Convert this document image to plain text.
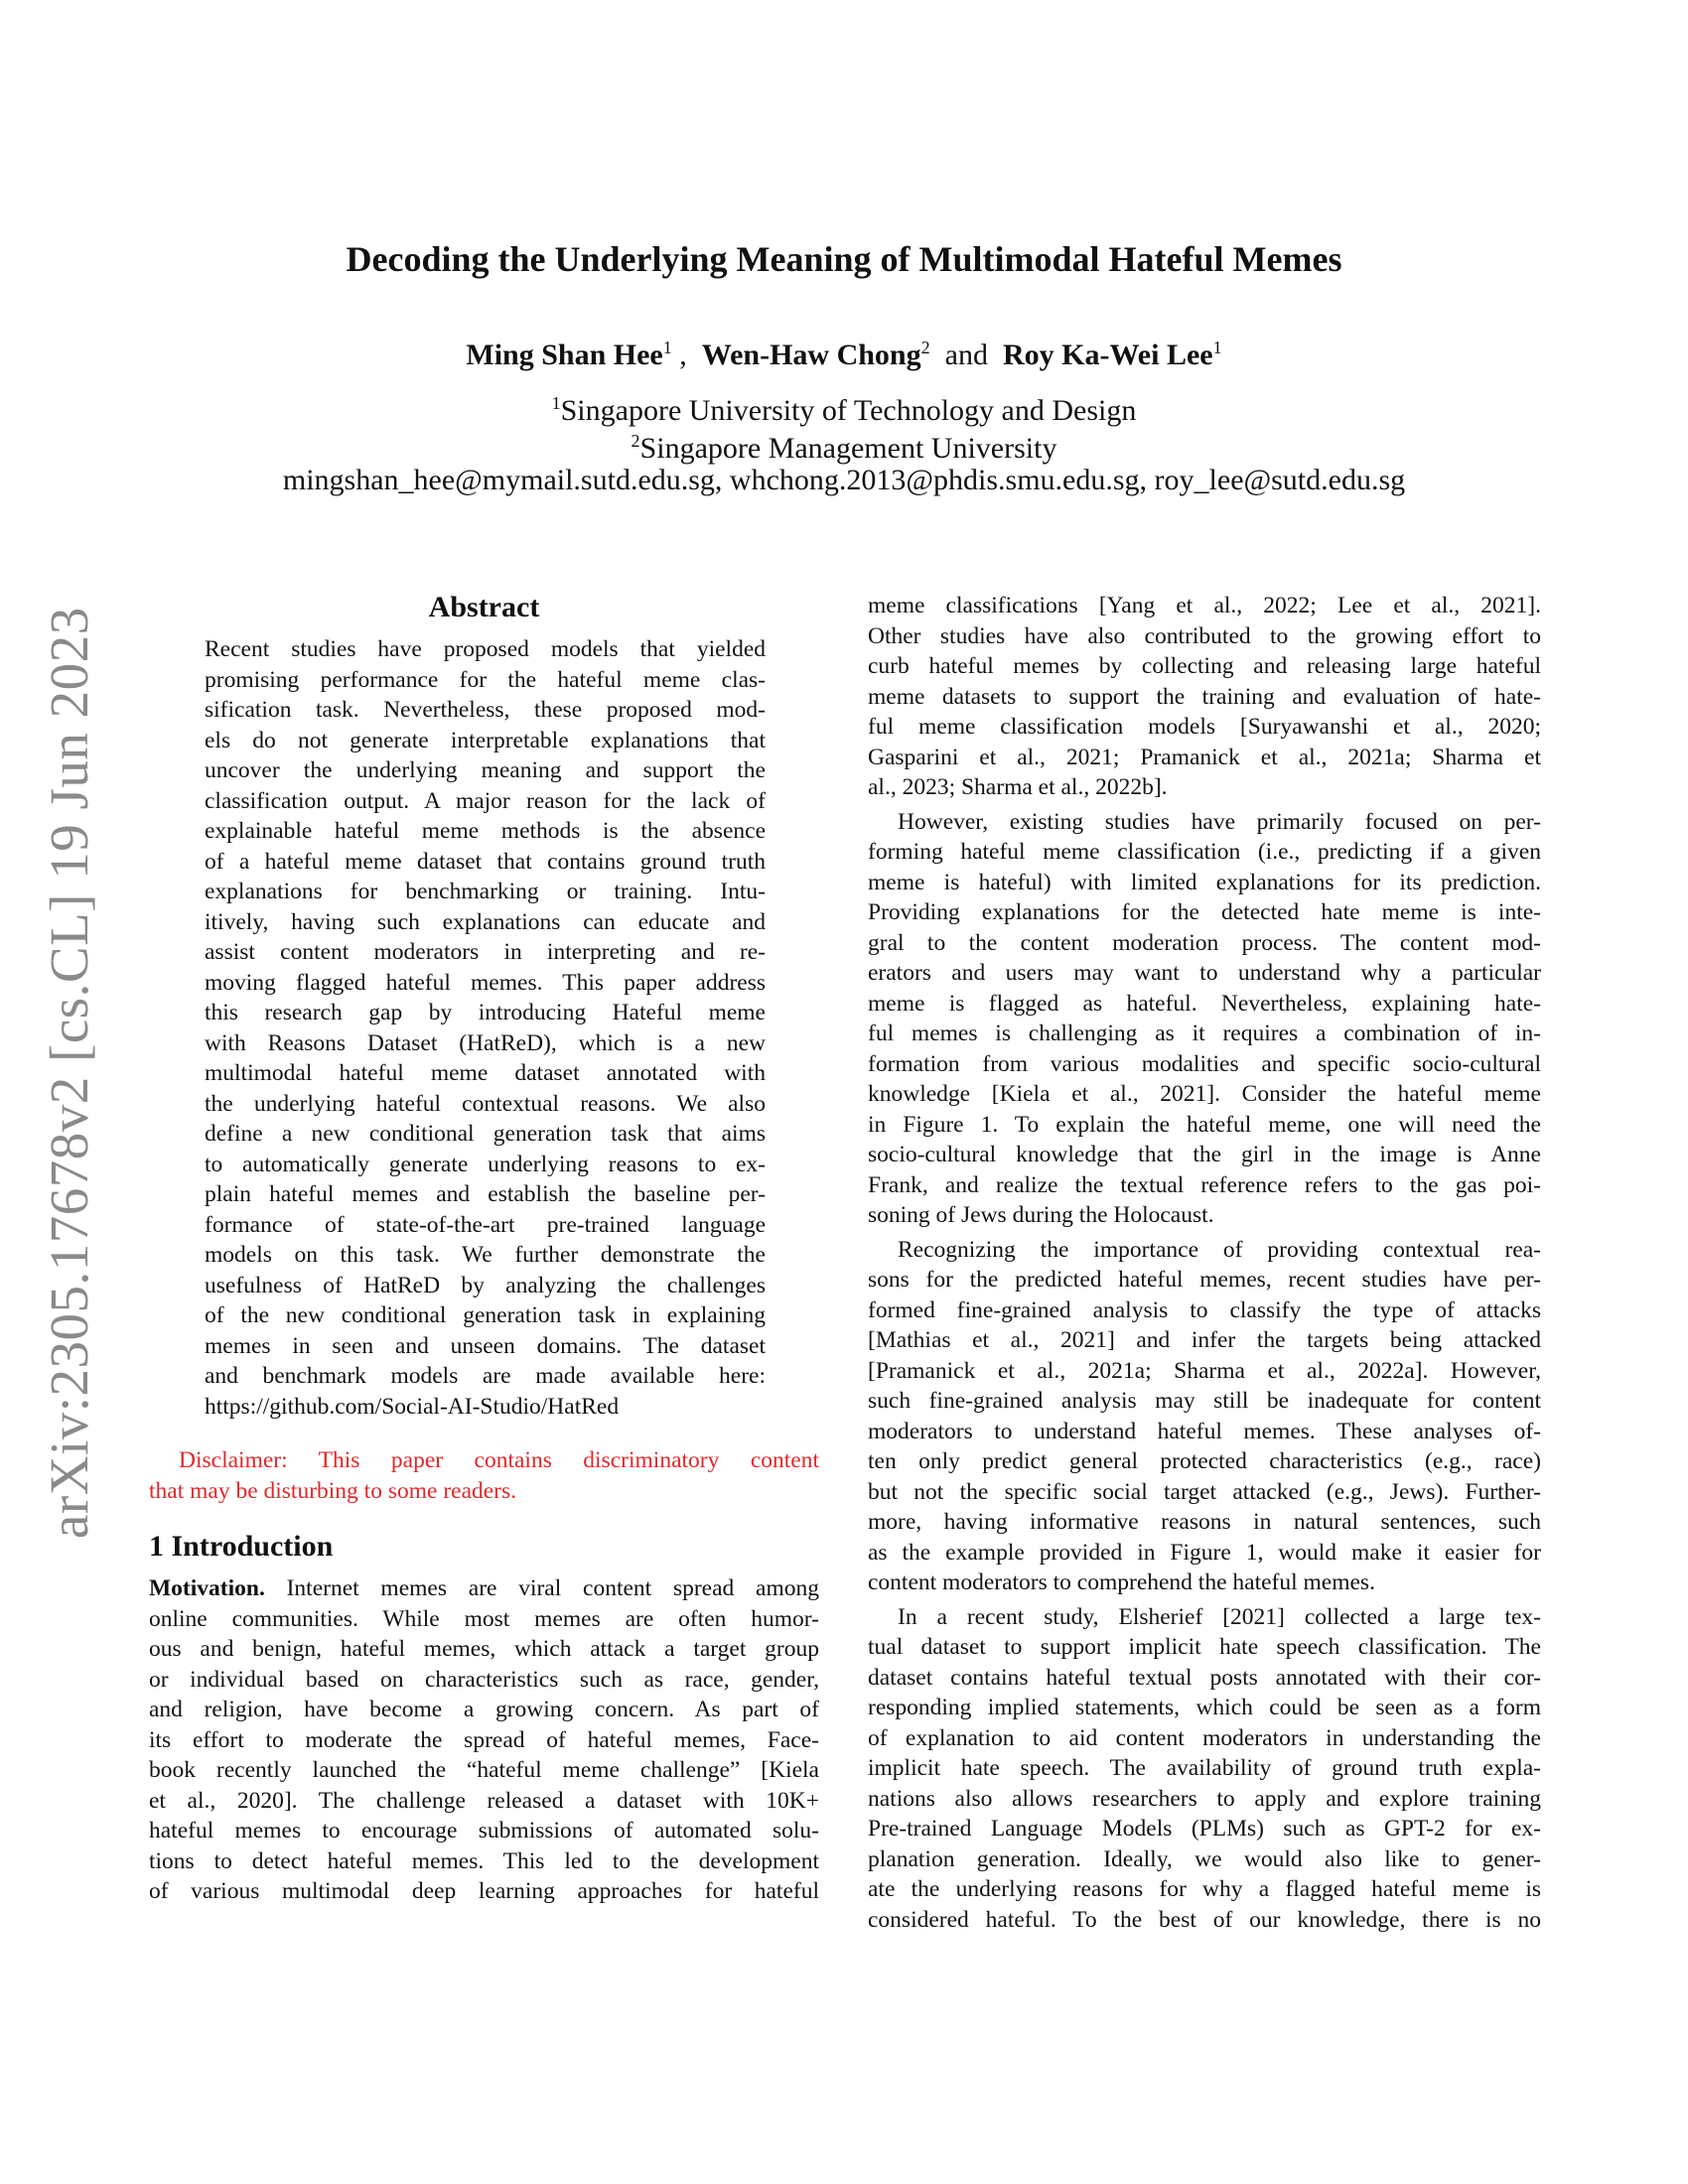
arXiv:2305.17678v2 [cs.CL] 19 Jun 2023
Decoding the Underlying Meaning of Multimodal Hateful Memes
Ming Shan Hee$^1$ , Wen-Haw Chong$^2$ and Roy Ka-Wei Lee$^1$
$^1$Singapore University of Technology and Design
$^2$Singapore Management University
mingshan_hee@mymail.sutd.edu.sg, whchong.2013@phdis.smu.edu.sg, roy_lee@sutd.edu.sg
Abstract
Recent studies have proposed models that yielded
promising performance for the hateful meme clas-
sification task. Nevertheless, these proposed mod-
els do not generate interpretable explanations that
uncover the underlying meaning and support the
classification output. A major reason for the lack of
explainable hateful meme methods is the absence
of a hateful meme dataset that contains ground truth
explanations for benchmarking or training. Intu-
itively, having such explanations can educate and
assist content moderators in interpreting and re-
moving flagged hateful memes. This paper address
this research gap by introducing Hateful meme
with Reasons Dataset (HatReD), which is a new
multimodal hateful meme dataset annotated with
the underlying hateful contextual reasons. We also
define a new conditional generation task that aims
to automatically generate underlying reasons to ex-
plain hateful memes and establish the baseline per-
formance of state-of-the-art pre-trained language
models on this task. We further demonstrate the
usefulness of HatReD by analyzing the challenges
of the new conditional generation task in explaining
memes in seen and unseen domains. The dataset
and benchmark models are made available here:
https://github.com/Social-AI-Studio/HatRed
Disclaimer: This paper contains discriminatory content
that may be disturbing to some readers.
1 Introduction
Motivation. Internet memes are viral content spread among
online communities. While most memes are often humor-
ous and benign, hateful memes, which attack a target group
or individual based on characteristics such as race, gender,
and religion, have become a growing concern. As part of
its effort to moderate the spread of hateful memes, Face-
book recently launched the “hateful meme challenge” [Kiela
et al., 2020]. The challenge released a dataset with 10K+
hateful memes to encourage submissions of automated solu-
tions to detect hateful memes. This led to the development
of various multimodal deep learning approaches for hateful
meme classifications [Yang et al., 2022; Lee et al., 2021].
Other studies have also contributed to the growing effort to
curb hateful memes by collecting and releasing large hateful
meme datasets to support the training and evaluation of hate-
ful meme classification models [Suryawanshi et al., 2020;
Gasparini et al., 2021; Pramanick et al., 2021a; Sharma et
al., 2023; Sharma et al., 2022b].
However, existing studies have primarily focused on per-
forming hateful meme classification (i.e., predicting if a given
meme is hateful) with limited explanations for its prediction.
Providing explanations for the detected hate meme is inte-
gral to the content moderation process. The content mod-
erators and users may want to understand why a particular
meme is flagged as hateful. Nevertheless, explaining hate-
ful memes is challenging as it requires a combination of in-
formation from various modalities and specific socio-cultural
knowledge [Kiela et al., 2021]. Consider the hateful meme
in Figure 1. To explain the hateful meme, one will need the
socio-cultural knowledge that the girl in the image is Anne
Frank, and realize the textual reference refers to the gas poi-
soning of Jews during the Holocaust.
Recognizing the importance of providing contextual rea-
sons for the predicted hateful memes, recent studies have per-
formed fine-grained analysis to classify the type of attacks
[Mathias et al., 2021] and infer the targets being attacked
[Pramanick et al., 2021a; Sharma et al., 2022a]. However,
such fine-grained analysis may still be inadequate for content
moderators to understand hateful memes. These analyses of-
ten only predict general protected characteristics (e.g., race)
but not the specific social target attacked (e.g., Jews). Further-
more, having informative reasons in natural sentences, such
as the example provided in Figure 1, would make it easier for
content moderators to comprehend the hateful memes.
In a recent study, Elsherief [2021] collected a large tex-
tual dataset to support implicit hate speech classification. The
dataset contains hateful textual posts annotated with their cor-
responding implied statements, which could be seen as a form
of explanation to aid content moderators in understanding the
implicit hate speech. The availability of ground truth expla-
nations also allows researchers to apply and explore training
Pre-trained Language Models (PLMs) such as GPT-2 for ex-
planation generation. Ideally, we would also like to gener-
ate the underlying reasons for why a flagged hateful meme is
considered hateful. To the best of our knowledge, there is no
